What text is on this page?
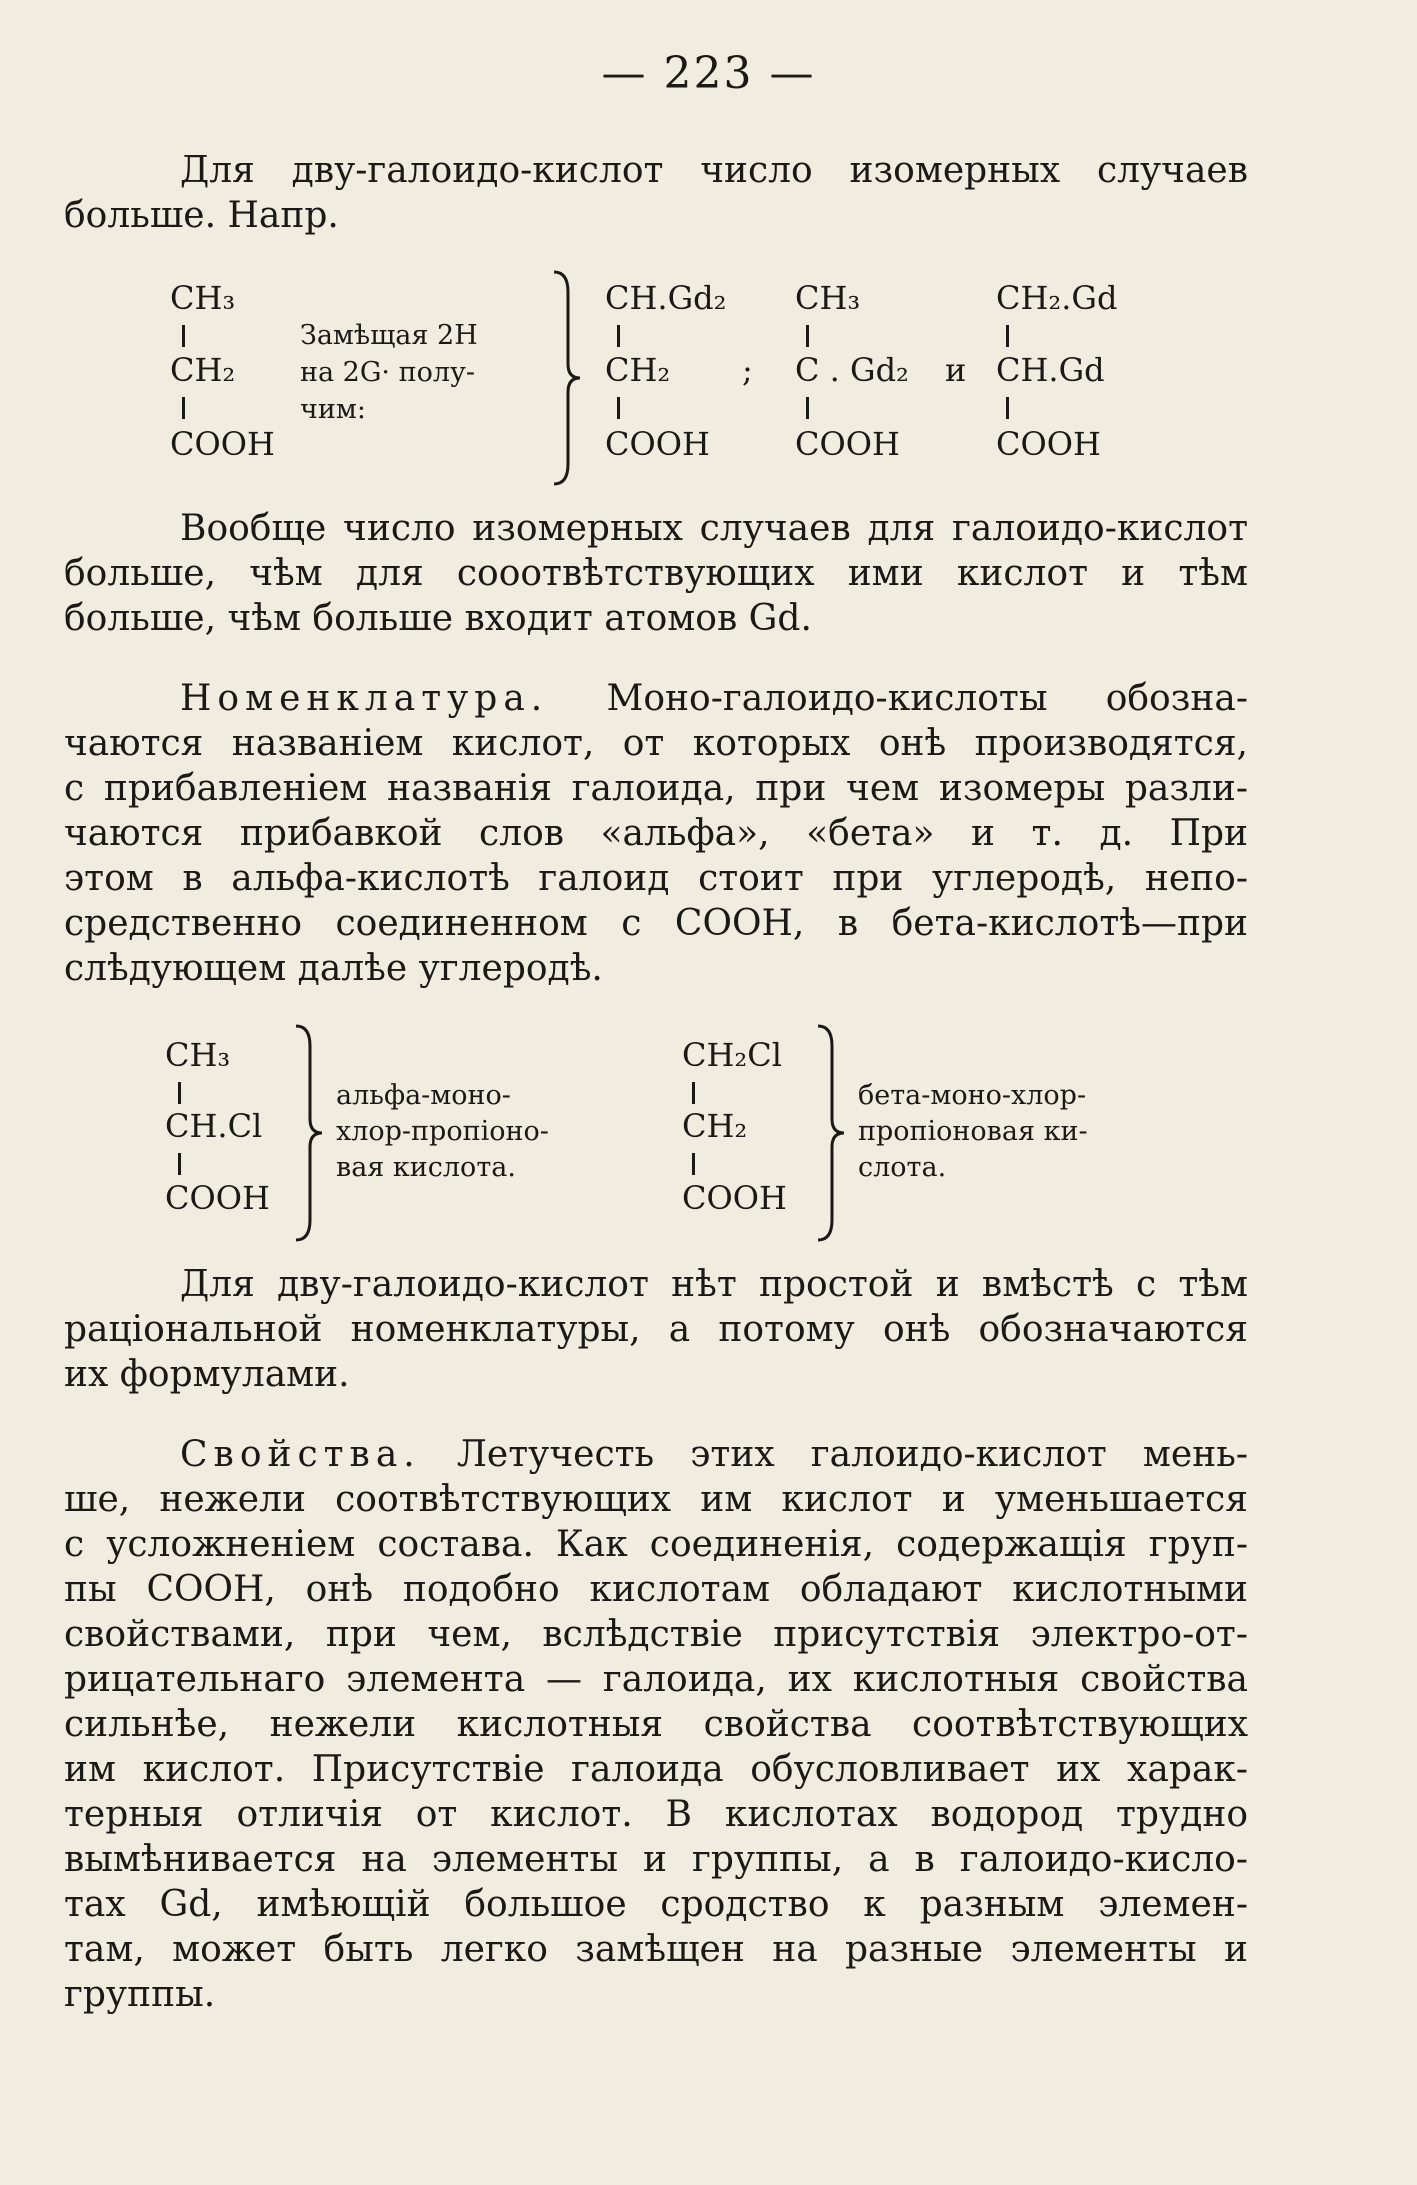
— 223 —
Для дву-галоидо-кислот число изомерных случаев
больше. Напр.
CH₃
CH₂
COOH
Замѣщая 2H
на 2G· полу-
чим:
CH.Gd₂
CH₂
COOH
;
CH₃
C . Gd₂
COOH
и
CH₂.Gd
CH.Gd
COOH
Вообще число изомерных случаев для галоидо-кислот
больше, чѣм для сооотвѣтствующих ими кислот и тѣм
больше, чѣм больше входит атомов Gd.
Номенклатура. Моно-галоидо-кислоты обозна-
чаются названіем кислот, от которых онѣ производятся,
с прибавленіем названія галоида, при чем изомеры разли-
чаются прибавкой слов «альфа», «бета» и т. д. При
этом в альфа-кислотѣ галоид стоит при углеродѣ, непо-
средственно соединенном с COOH, в бета-кислотѣ—при
слѣдующем далѣе углеродѣ.
CH₃
CH.Cl
COOH
альфа-моно-
хлор-пропіоно-
вая кислота.
CH₂Cl
CH₂
COOH
бета-моно-хлор-
пропіоновая ки-
слота.
Для дву-галоидо-кислот нѣт простой и вмѣстѣ с тѣм
раціональной номенклатуры, а потому онѣ обозначаются
их формулами.
Свойства. Летучесть этих галоидо-кислот мень-
ше, нежели соотвѣтствующих им кислот и уменьшается
с усложненіем состава. Как соединенія, содержащія груп-
пы COOH, онѣ подобно кислотам обладают кислотными
свойствами, при чем, вслѣдствіе присутствія электро-от-
рицательнаго элемента — галоида, их кислотныя свойства
сильнѣе, нежели кислотныя свойства соотвѣтствующих
им кислот. Присутствіе галоида обусловливает их харак-
терныя отличія от кислот. В кислотах водород трудно
вымѣнивается на элементы и группы, а в галоидо-кисло-
тах Gd, имѣющій большое сродство к разным элемен-
там, может быть легко замѣщен на разные элементы и
группы.
